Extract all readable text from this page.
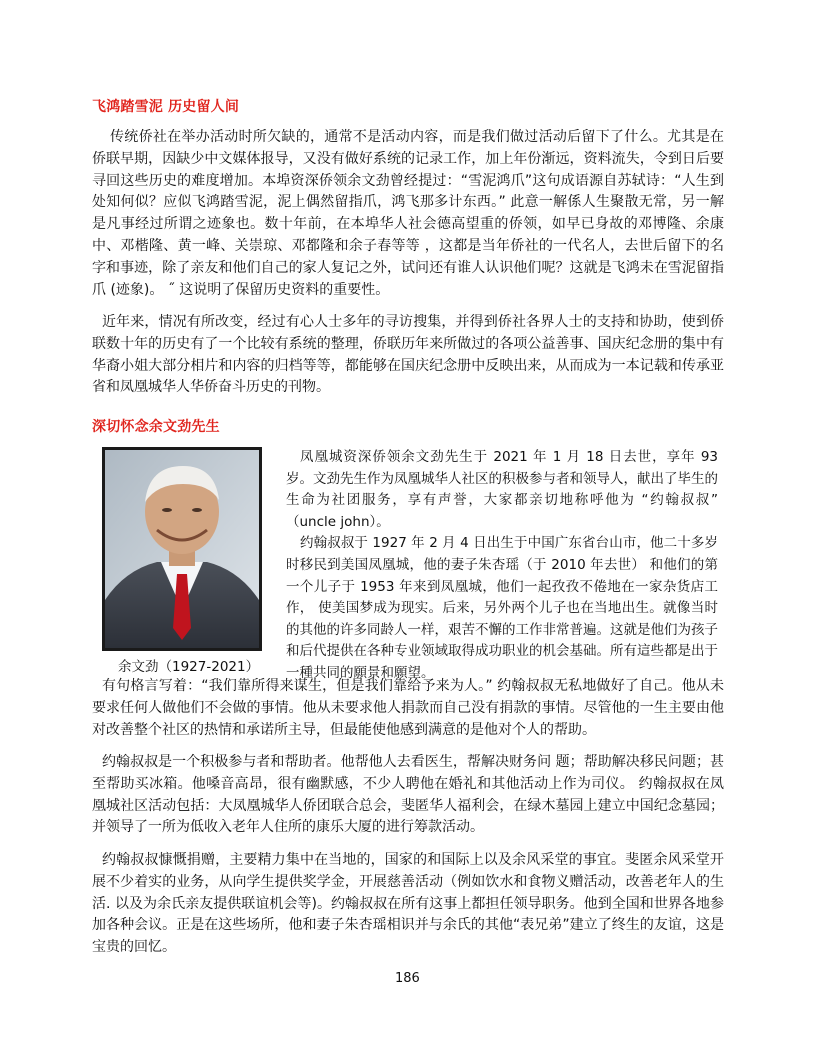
飞鸿踏雪泥 历史留人间

传统侨社在举办活动时所欠缺的，通常不是活动内容，而是我们做过活动后留下了什么。尤其是在侨联早期，因缺少中文媒体报导，又没有做好系统的记录工作，加上年份渐远，资料流失，令到日后要寻回这些历史的难度增加。本埠资深侨领余文劲曾经提过：“雪泥鸿爪”这句成语源自苏轼诗：“人生到处知何似？应似飞鸿踏雪泥，泥上偶然留指爪，鸿飞那多计东西。” 此意一解係人生聚散无常，另一解是凡事经过所谓之迹象也。数十年前，在本埠华人社会德高望重的侨领，如早已身故的邓博隆、余康中、邓楷隆、黄一峰、关崇琼、邓都隆和余子春等等 ，这都是当年侨社的一代名人，去世后留下的名字和事迹，除了亲友和他们自己的家人复记之外，试问还有谁人认识他们呢？这就是飞鸿未在雪泥留指爪 (迹象)。 ˝ 这说明了保留历史资料的重要性。

近年来，情况有所改变，经过有心人士多年的寻访搜集，并得到侨社各界人士的支持和协助，使到侨联数十年的历史有了一个比较有系统的整理，侨联历年来所做过的各项公益善事、国庆纪念册的集中有华裔小姐大部分相片和内容的归档等等，都能够在国庆纪念册中反映出来，从而成为一本记载和传承亚省和凤凰城华人华侨奋斗历史的刊物。

深切怀念余文劲先生
余文劲（1927-2021）

凤凰城资深侨领余文劲先生于 2021 年 1 月 18 日去世，享年 93 岁。文劲先生作为凤凰城华人社区的积极参与者和领导人，献出了毕生的生命为社团服务，享有声誉，大家都亲切地称呼他为 “约翰叔叔” （uncle john）。

约翰叔叔于 1927 年 2 月 4 日出生于中国广东省台山市，他二十多岁时移民到美国凤凰城，他的妻子朱杏瑶（于 2010 年去世） 和他们的第一个儿子于 1953 年来到凤凰城，他们一起孜孜不倦地在一家杂货店工作， 使美国梦成为现实。后来，另外两个儿子也在当地出生。就像当时的其他的许多同龄人一样，艰苦不懈的工作非常普遍。这就是他们为孩子和后代提供在各种专业领域取得成功职业的机会基础。所有這些都是出于一種共同的願景和願望。

有句格言写着：“我们靠所得来谋生，但是我们靠给予来为人。” 约翰叔叔无私地做好了自己。他从未要求任何人做他们不会做的事情。他从未要求他人捐款而自己没有捐款的事情。尽管他的一生主要由他对改善整个社区的热情和承诺所主导，但最能使他感到满意的是他对个人的帮助。

约翰叔叔是一个积极参与者和帮助者。他帮他人去看医生，帮解决财务问 题；帮助解决移民问题；甚至帮助买冰箱。他嗓音高昂，很有幽默感，不少人聘他在婚礼和其他活动上作为司仪。 约翰叔叔在凤凰城社区活动包括：大凤凰城华人侨团联合总会，斐匿华人福利会，在绿木墓园上建立中国纪念墓园；并领导了一所为低收入老年人住所的康乐大厦的进行筹款活动。

约翰叔叔慷慨捐赠，主要精力集中在当地的，国家的和国际上以及余风采堂的事宜。斐匿余风采堂开展不少着实的业务，从向学生提供奖学金，开展慈善活动（例如饮水和食物义赠活动，改善老年人的生活. 以及为余氏亲友提供联谊机会等)。约翰叔叔在所有这事上都担任领导职务。他到全国和世界各地参加各种会议。正是在这些场所，他和妻子朱杏瑶相识并与余氏的其他“表兄弟”建立了终生的友谊，这是宝贵的回忆。

186
